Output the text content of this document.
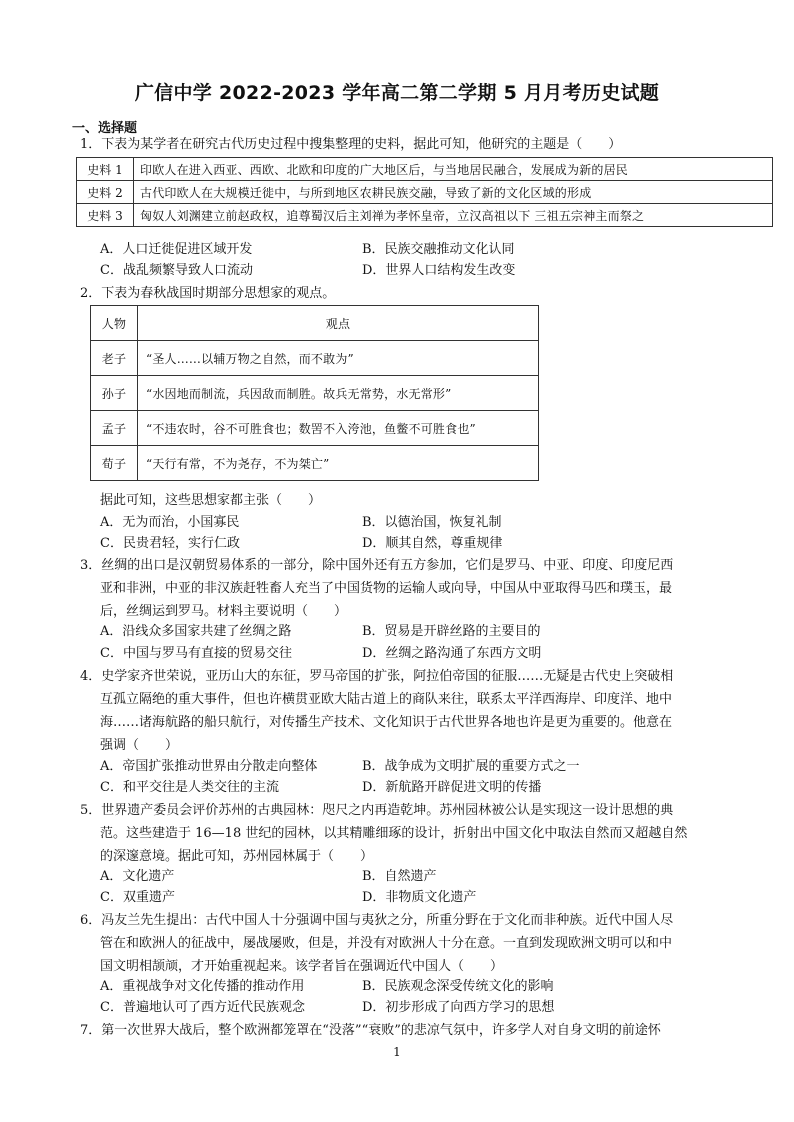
广信中学 2022-2023 学年高二第二学期 5 月月考历史试题
一、选择题
1．下表为某学者在研究古代历史过程中搜集整理的史料，据此可知，他研究的主题是（　　）
史料 1	印欧人在进入西亚、西欧、北欧和印度的广大地区后，与当地居民融合，发展成为新的居民
史料 2	古代印欧人在大规模迁徙中，与所到地区农耕民族交融，导致了新的文化区域的形成
史料 3	匈奴人刘渊建立前赵政权，追尊蜀汉后主刘禅为孝怀皇帝，立汉高祖以下 三祖五宗神主而祭之
A．人口迁徙促进区域开发	B．民族交融推动文化认同
C．战乱频繁导致人口流动	D．世界人口结构发生改变
2．下表为春秋战国时期部分思想家的观点。
人物	观点
老子	“圣人……以辅万物之自然，而不敢为”
孙子	“水因地而制流，兵因敌而制胜。故兵无常势，水无常形”
孟子	“不违农时，谷不可胜食也；数罟不入洿池，鱼鳖不可胜食也”
荀子	“天行有常，不为尧存，不为桀亡”
据此可知，这些思想家都主张（　　）
A．无为而治，小国寡民	B．以德治国，恢复礼制
C．民贵君轻，实行仁政	D．顺其自然，尊重规律
3．丝绸的出口是汉朝贸易体系的一部分，除中国外还有五方参加，它们是罗马、中亚、印度、印度尼西
亚和非洲，中亚的非汉族赶牲畜人充当了中国货物的运输人或向导，中国从中亚取得马匹和璞玉，最
后，丝绸运到罗马。材料主要说明（　　）
A．沿线众多国家共建了丝绸之路	B．贸易是开辟丝路的主要目的
C．中国与罗马有直接的贸易交往	D．丝绸之路沟通了东西方文明
4．史学家齐世荣说，亚历山大的东征，罗马帝国的扩张，阿拉伯帝国的征服……无疑是古代史上突破相
互孤立隔绝的重大事件，但也许横贯亚欧大陆古道上的商队来往，联系太平洋西海岸、印度洋、地中
海……诸海航路的船只航行，对传播生产技术、文化知识于古代世界各地也许是更为重要的。他意在
强调（　　）
A．帝国扩张推动世界由分散走向整体	B．战争成为文明扩展的重要方式之一
C．和平交往是人类交往的主流	D．新航路开辟促进文明的传播
5．世界遗产委员会评价苏州的古典园林：咫尺之内再造乾坤。苏州园林被公认是实现这一设计思想的典
范。这些建造于 16—18 世纪的园林，以其精雕细琢的设计，折射出中国文化中取法自然而又超越自然
的深邃意境。据此可知，苏州园林属于（　　）
A．文化遗产	B．自然遗产
C．双重遗产	D．非物质文化遗产
6．冯友兰先生提出：古代中国人十分强调中国与夷狄之分，所重分野在于文化而非种族。近代中国人尽
管在和欧洲人的征战中，屡战屡败，但是，并没有对欧洲人十分在意。一直到发现欧洲文明可以和中
国文明相颉颃，才开始重视起来。该学者旨在强调近代中国人（　　）
A．重视战争对文化传播的推动作用	B．民族观念深受传统文化的影响
C．普遍地认可了西方近代民族观念	D．初步形成了向西方学习的思想
7．第一次世界大战后，整个欧洲都笼罩在“没落”“衰败”的悲凉气氛中，许多学人对自身文明的前途怀
1
